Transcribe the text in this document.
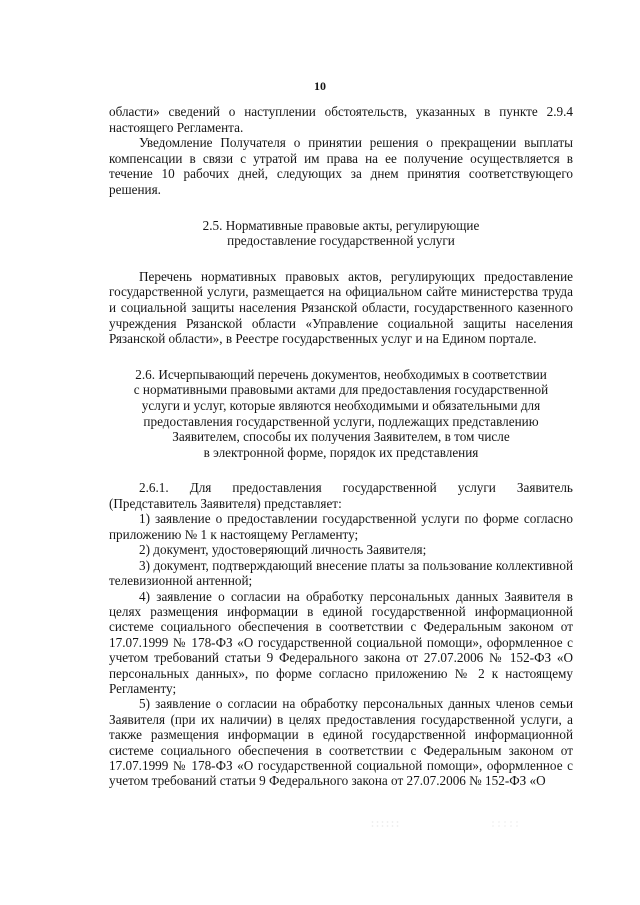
10

области» сведений о наступлении обстоятельств, указанных в пункте 2.9.4 настоящего Регламента.

Уведомление Получателя о принятии решения о прекращении выплаты компенсации в связи с утратой им права на ее получение осуществляется в течение 10 рабочих дней, следующих за днем принятия соответствующего решения.

2.5. Нормативные правовые акты, регулирующие
предоставление государственной услуги

Перечень нормативных правовых актов, регулирующих предоставление государственной услуги, размещается на официальном сайте министерства труда и социальной защиты населения Рязанской области, государственного казенного учреждения Рязанской области «Управление социальной защиты населения Рязанской области», в Реестре государственных услуг и на Едином портале.

2.6. Исчерпывающий перечень документов, необходимых в соответствии
с нормативными правовыми актами для предоставления государственной
услуги и услуг, которые являются необходимыми и обязательными для
предоставления государственной услуги, подлежащих представлению
Заявителем, способы их получения Заявителем, в том числе
в электронной форме, порядок их представления
2.6.1. Для предоставления государственной услуги Заявитель

(Представитель Заявителя) представляет:

1) заявление о предоставлении государственной услуги по форме согласно приложению № 1 к настоящему Регламенту;

2) документ, удостоверяющий личность Заявителя;

3) документ, подтверждающий внесение платы за пользование коллективной телевизионной антенной;

4) заявление о согласии на обработку персональных данных Заявителя в целях размещения информации в единой государственной информационной системе социального обеспечения в соответствии с Федеральным законом от 17.07.1999 № 178-ФЗ «О государственной социальной помощи», оформленное с учетом требований статьи 9 Федерального закона от 27.07.2006 № 152-ФЗ «О персональных данных», по форме согласно приложению № 2 к настоящему Регламенту;

5) заявление о согласии на обработку персональных данных членов семьи Заявителя (при их наличии) в целях предоставления государственной услуги, а также размещения информации в единой государственной информационной системе социального обеспечения в соответствии с Федеральным законом от 17.07.1999 № 178-ФЗ «О государственной социальной помощи», оформленное с учетом требований статьи 9 Федерального закона от 27.07.2006 № 152-ФЗ «О
